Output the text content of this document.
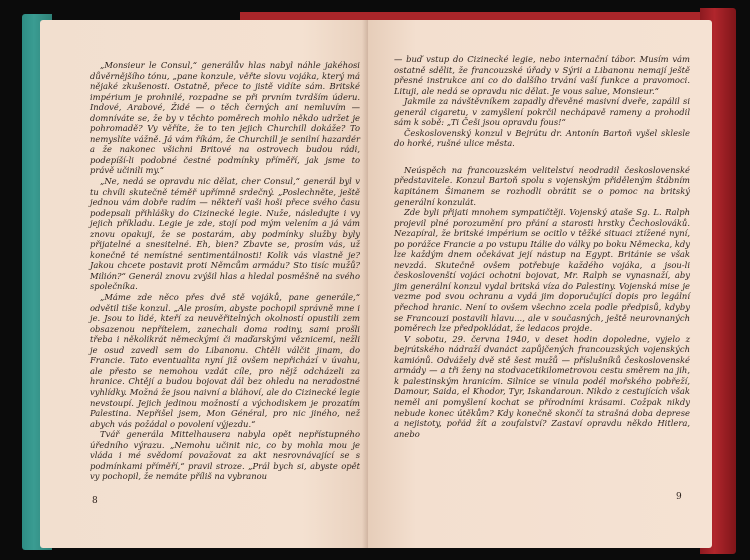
„Monsieur le Consul,“ generálův hlas nabyl náhle jakéhosi důvěrnějšího tónu, „pane konzule, věřte slovu vojáka, který má nějaké zkušenosti. Ostatně, přece to jistě vidíte sám. Britské impérium je prohnilé, rozpadne se při prvním tvrdším úderu. Indové, Arabové, Židé — o těch černých ani nemluvím — domníváte se, že by v těchto poměrech mohlo někdo udržet je pohromadě? Vy věříte, že to ten jejich Churchill dokáže? To nemyslíte vážně. Já vám říkám, že Churchill je senilní hazardér a že nakonec všichni Britové na ostrovech budou rádi, podepíší-li podobné čestné podmínky příměří, jak jsme to právě učinili my.“

„Ne, nedá se opravdu nic dělat, cher Consul,“ generál byl v tu chvíli skutečně téměř upřímně srdečný. „Poslechněte, ještě jednou vám dobře radím — někteří vaši hoši přece svého času podepsali přihlášky do Cizinecké legie. Nuže, následujte i vy jejich příkladu. Legie je zde, stojí pod mým velením a já vám znovu opakuji, že se postarám, aby podmínky služby byly přijatelné a snesitelné. Eh, bien? Zbavte se, prosím vás, už konečně té nemístné sentimentálnosti! Kolik vás vlastně je? Jakou chcete postavit proti Němcům armádu? Sto tisíc mužů? Milión?“ Generál znovu zvýšil hlas a hledal posměšně na svého společníka.

„Máme zde něco přes dvě stě vojáků, pane generále,“ odvětil tiše konzul. „Ale prosím, abyste pochopil správně mne i je. Jsou to lidé, kteří za neuvěřitelných okolností opustili zem obsazenou nepřítelem, zanechali doma rodiny, sami prošli třeba i několikrát německými či maďarskými věznicemi, nežli je osud zavedl sem do Libanonu. Chtěli válčit jinam, do Francie. Tato eventualita nyní již ovšem nepřichází v úvahu, ale přesto se nemohou vzdát cíle, pro nějž odcházeli za hranice. Chtějí a budou bojovat dál bez ohledu na neradostné vyhlídky. Možná že jsou naivní a bláhoví, ale do Cizinecké legie nevstoupí. Jejich jedinou možností a východiskem je prozatím Palestina. Nepřišel jsem, Mon Général, pro nic jiného, než abych vás požádal o povolení výjezdu.“

Tvář generála Mittelhausera nabyla opět nepřístupného úředního výrazu. „Nemohu učinit nic, co by mohla mou je vláda i mé svědomí považovat za akt nesrovnávající se s podmínkami příměří,“ pravil stroze. „Prál bych si, abyste opět vy pochopil, že nemáte příliš na vybranou

8

— buď vstup do Cizinecké legie, nebo internační tábor. Musím vám ostatně sdělit, že francouzské úřady v Sýrii a Libanonu nemají ještě přesné instrukce ani co do dalšího trvání vaší funkce a pravomoci. Lituji, ale nedá se opravdu nic dělat. Je vous salue, Monsieur.“

Jakmile za návštěvníkem zapadly dřevěné masivní dveře, zapálil si generál cigaretu, v zamyšlení pokrčil nechápavě rameny a prohodil sám k sobě: „Ti Češi jsou opravdu fous!“

Československý konzul v Bejrútu dr. Antonín Bartoň vyšel skleslе do horké, rušné ulice města.

Neúspěch na francouzském velitelství neodradil československé představitele. Konzul Bartoň spolu s vojenským přiděleným štábním kapitánem Šimanem se rozhodli obrátit se o pomoc na britský generální konzulát.

Zde byli přijati mnohem sympatičtěji. Vojenský ataše Sg. L. Ralph projevil plné porozumění pro přání a starosti hrstky Čechoslováků. Nezapíral, že britské impérium se ocitlo v těžké situaci ztížené nyní, po porážce Francie a po vstupu Itálie do války po boku Německa, kdy lze každým dnem očekávat její nástup na Egypt. Británie se však nevzdá. Skutečně ovšem potřebuje každého vojáka, a jsou-li českoslovenští vojáci ochotni bojovat, Mr. Ralph se vynasnaží, aby jim generální konzul vydal britská víza do Palestiny. Vojenská mise je vezme pod svou ochranu a vydá jim doporučující dopis pro legální přechod hranic. Není to ovšem všechno zcela podle předpisů, kdyby se Francouzi postavili hlavu..., ale v současných, ještě neurovnaných poměrech lze předpokládat, že ledacos projde.

V sobotu, 29. června 1940, v deset hodin dopoledne, vyjelo z bejrútského nádraží dvanáct zapůjčených francouzských vojenských kamiónů. Odvážely dvě stě šest mužů — příslušníků československé armády — a tři ženy na stodvacetikilometrovou cestu směrem na jih, k palestinským hranicím. Silnice se vinula podél mořského pobřeží, Damour, Saida, el Khodor, Tyr, Iskandaroun. Nikdo z cestujících však neměl ani pomyšlení kochat se přírodními krásami. Cožpak nikdy nebude konec útěkům? Kdy konečně skončí ta strašná doba deprese a nejistoty, pořád žít a zoufalství? Zastaví opravdu někdo Hitlera, anebo

9
